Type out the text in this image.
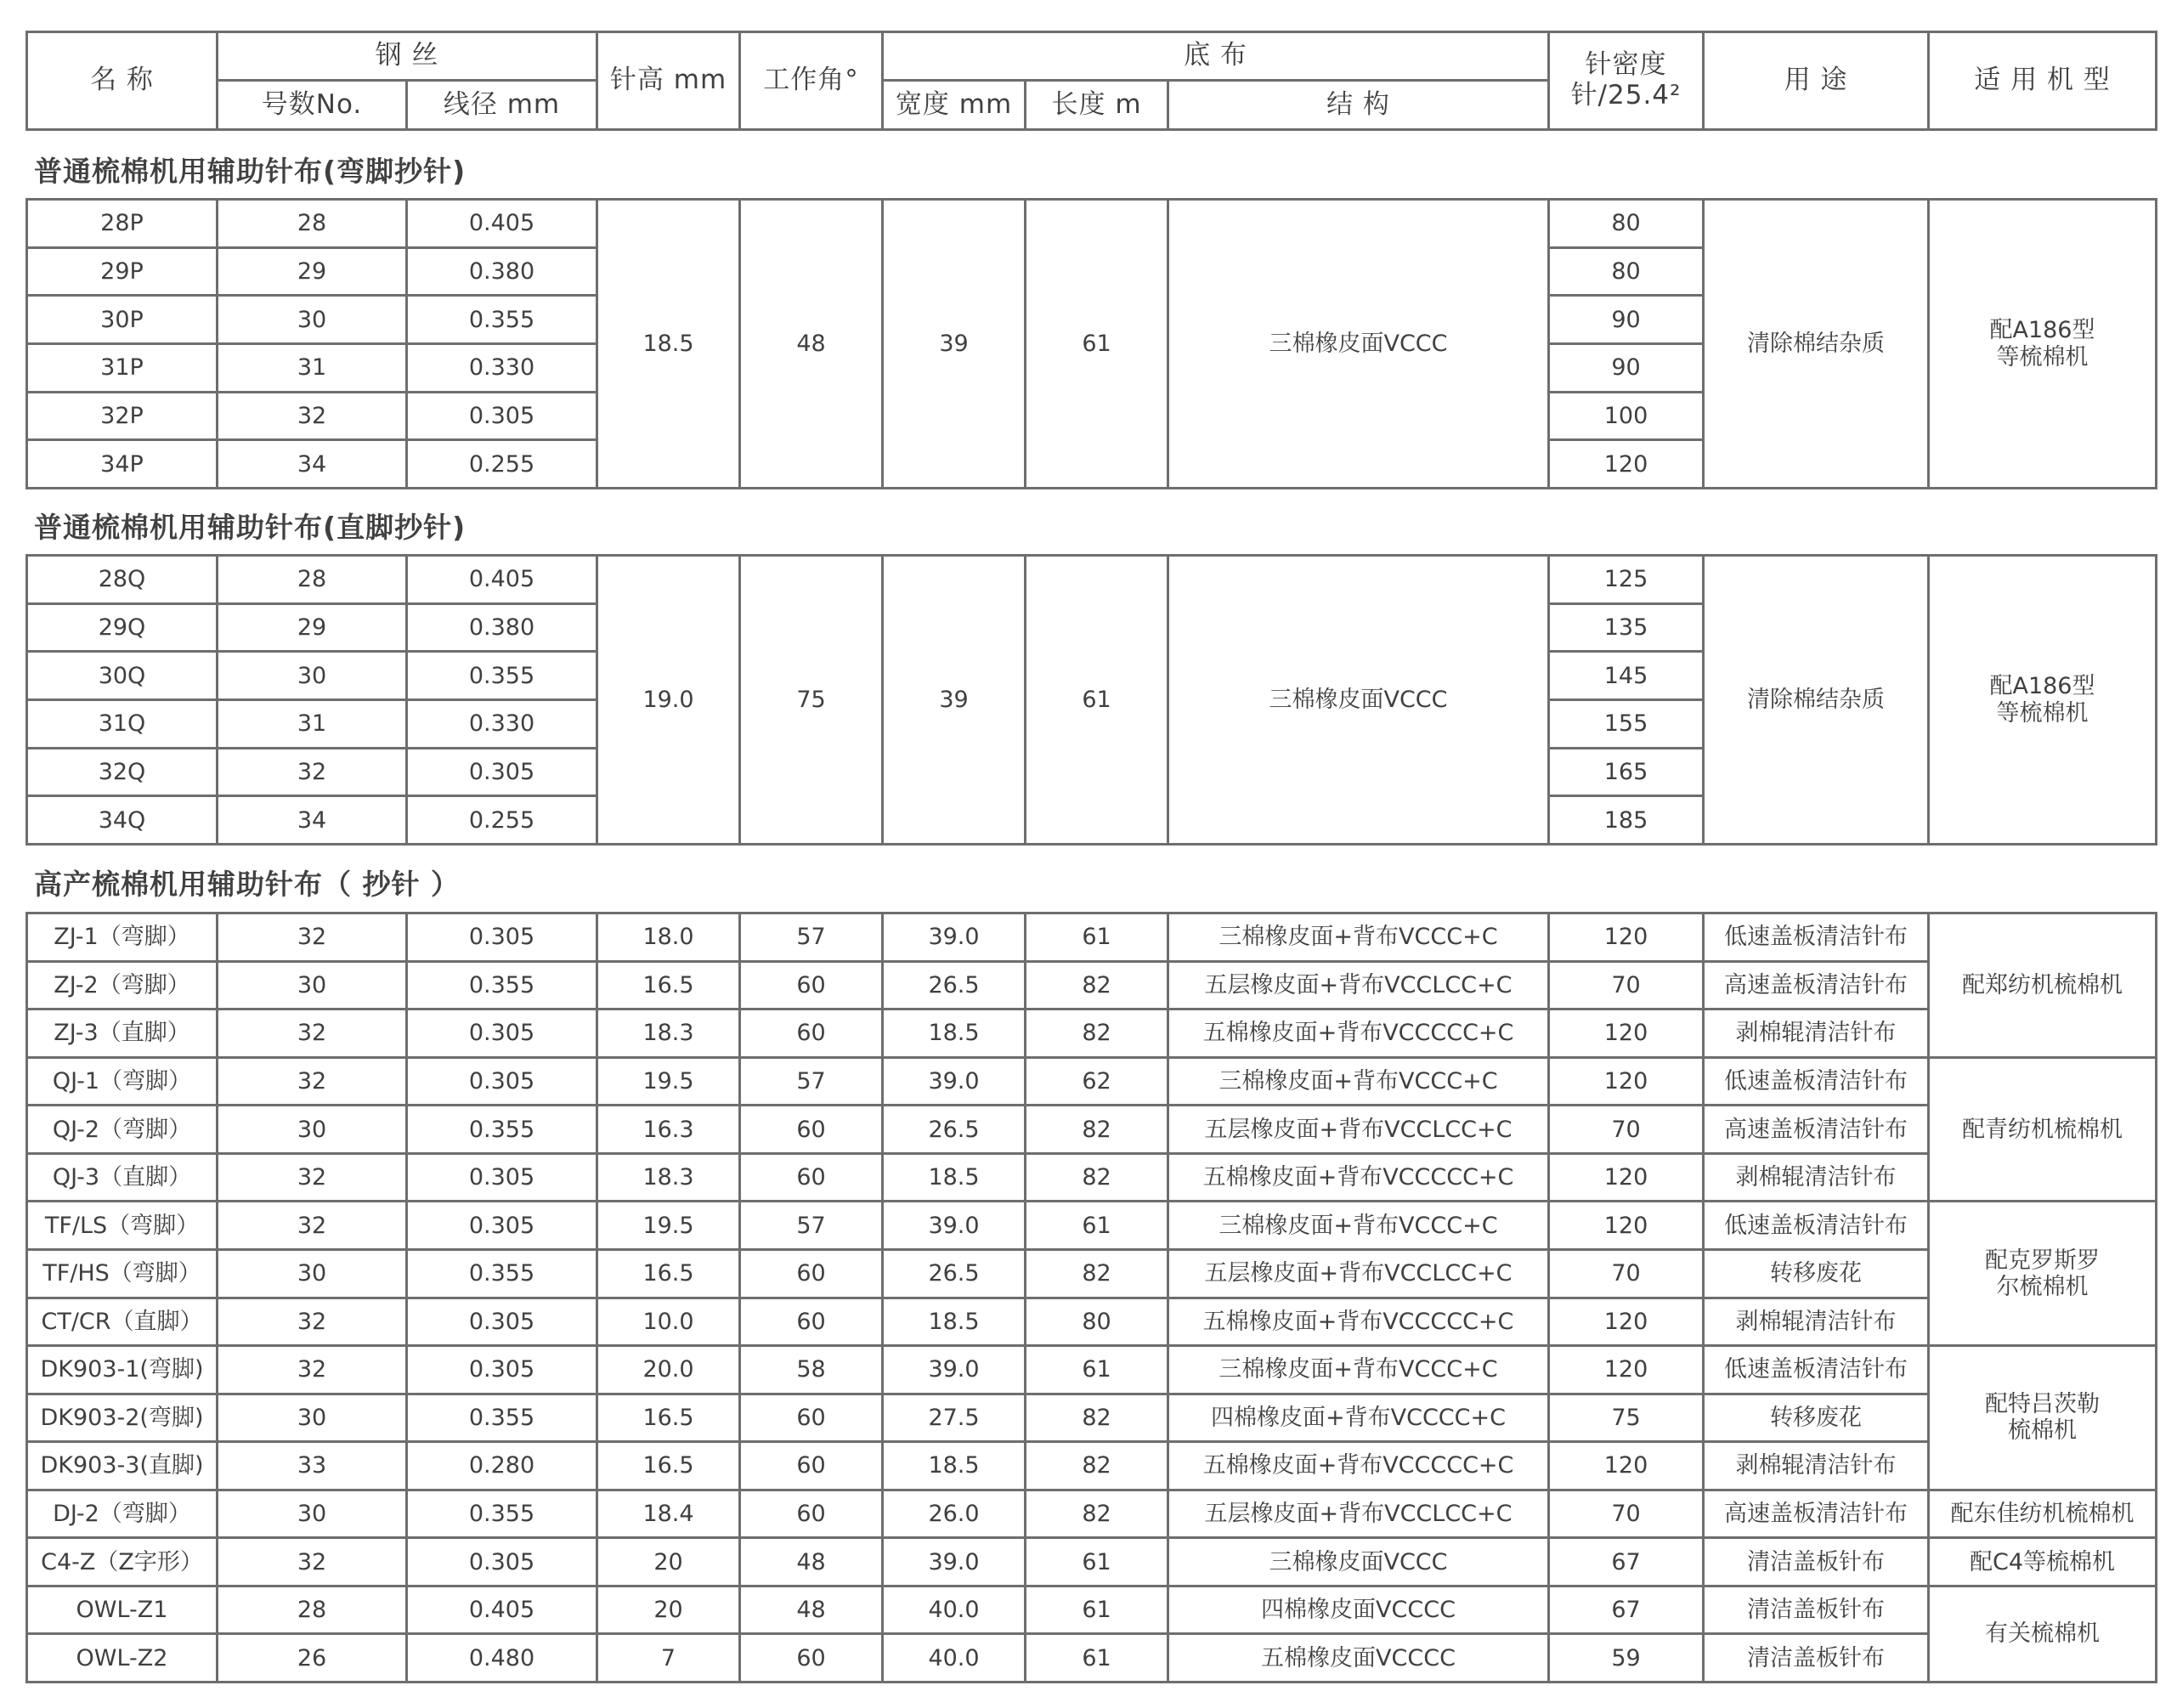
名 称	钢 丝		针高 mm	工作角°	底 布			针密度
针/25.4²	用 途	适 用 机 型
	号数No.	线径 mm			宽度 mm	长度 m	结 构			
普通梳棉机用辅助针布(弯脚抄针)
28P	28	0.405	18.5	48	39	61	三棉橡皮面VCCC	80	清除棉结杂质	配A186型
等梳棉机
29P	29	0.380						80		
30P	30	0.355						90		
31P	31	0.330						90		
32P	32	0.305						100		
34P	34	0.255						120		
普通梳棉机用辅助针布(直脚抄针)
28Q	28	0.405	19.0	75	39	61	三棉橡皮面VCCC	125	清除棉结杂质	配A186型
等梳棉机
29Q	29	0.380						135		
30Q	30	0.355						145		
31Q	31	0.330						155		
32Q	32	0.305						165		
34Q	34	0.255						185		
高产梳棉机用辅助针布（ 抄针 ）
ZJ-1（弯脚）	32	0.305	18.0	57	39.0	61	三棉橡皮面+背布VCCC+C	120	低速盖板清洁针布	配郑纺机梳棉机
ZJ-2（弯脚）	30	0.355	16.5	60	26.5	82	五层橡皮面+背布VCCLCC+C	70	高速盖板清洁针布	
ZJ-3（直脚）	32	0.305	18.3	60	18.5	82	五棉橡皮面+背布VCCCCC+C	120	剥棉辊清洁针布	
QJ-1（弯脚）	32	0.305	19.5	57	39.0	62	三棉橡皮面+背布VCCC+C	120	低速盖板清洁针布	配青纺机梳棉机
QJ-2（弯脚）	30	0.355	16.3	60	26.5	82	五层橡皮面+背布VCCLCC+C	70	高速盖板清洁针布	
QJ-3（直脚）	32	0.305	18.3	60	18.5	82	五棉橡皮面+背布VCCCCC+C	120	剥棉辊清洁针布	
TF/LS（弯脚）	32	0.305	19.5	57	39.0	61	三棉橡皮面+背布VCCC+C	120	低速盖板清洁针布	配克罗斯罗
尔梳棉机
TF/HS（弯脚）	30	0.355	16.5	60	26.5	82	五层橡皮面+背布VCCLCC+C	70	转移废花	
CT/CR（直脚）	32	0.305	10.0	60	18.5	80	五棉橡皮面+背布VCCCCC+C	120	剥棉辊清洁针布	
DK903-1(弯脚)	32	0.305	20.0	58	39.0	61	三棉橡皮面+背布VCCC+C	120	低速盖板清洁针布	配特吕茨勒
梳棉机
DK903-2(弯脚)	30	0.355	16.5	60	27.5	82	四棉橡皮面+背布VCCCC+C	75	转移废花	
DK903-3(直脚)	33	0.280	16.5	60	18.5	82	五棉橡皮面+背布VCCCCC+C	120	剥棉辊清洁针布	
DJ-2（弯脚）	30	0.355	18.4	60	26.0	82	五层橡皮面+背布VCCLCC+C	70	高速盖板清洁针布	配东佳纺机梳棉机
C4-Z（Z字形）	32	0.305	20	48	39.0	61	三棉橡皮面VCCC	67	清洁盖板针布	配C4等梳棉机
OWL-Z1	28	0.405	20	48	40.0	61	四棉橡皮面VCCCC	67	清洁盖板针布	有关梳棉机
OWL-Z2	26	0.480	7	60	40.0	61	五棉橡皮面VCCCC	59	清洁盖板针布	
